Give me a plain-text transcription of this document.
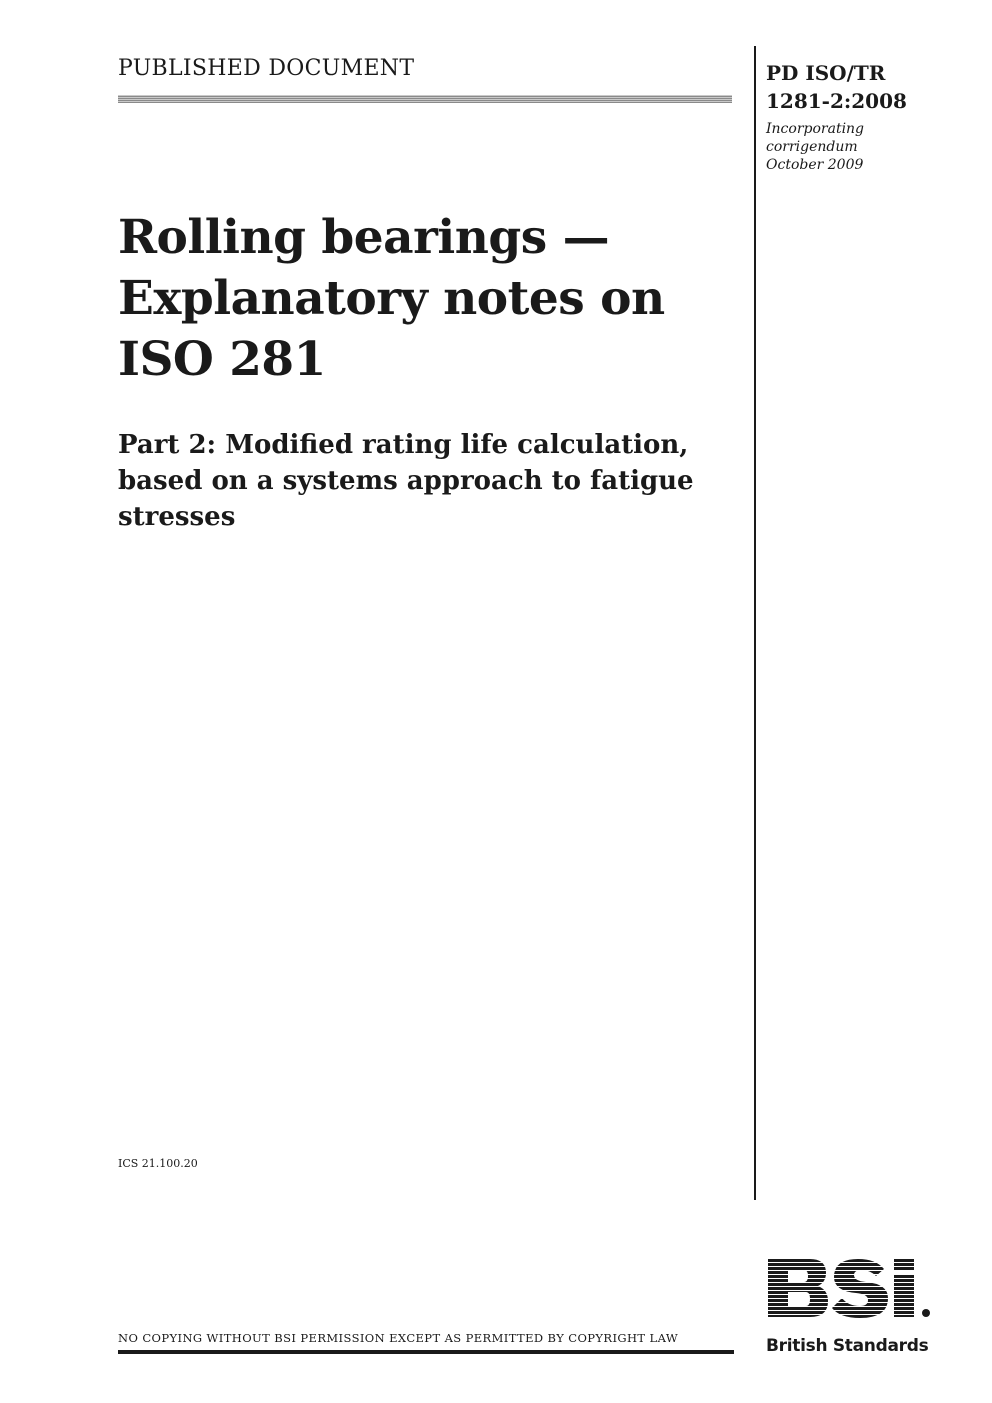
PUBLISHED DOCUMENT	PD ISO/TR
1281-2:2008
Incorporating
corrigendum
October 2009
Rolling bearings —
Explanatory notes on
ISO 281
Part 2: Modified rating life calculation,
based on a systems approach to fatigue
stresses
ICS 21.100.20
NO COPYING WITHOUT BSI PERMISSION EXCEPT AS PERMITTED BY COPYRIGHT LAW	British Standards
